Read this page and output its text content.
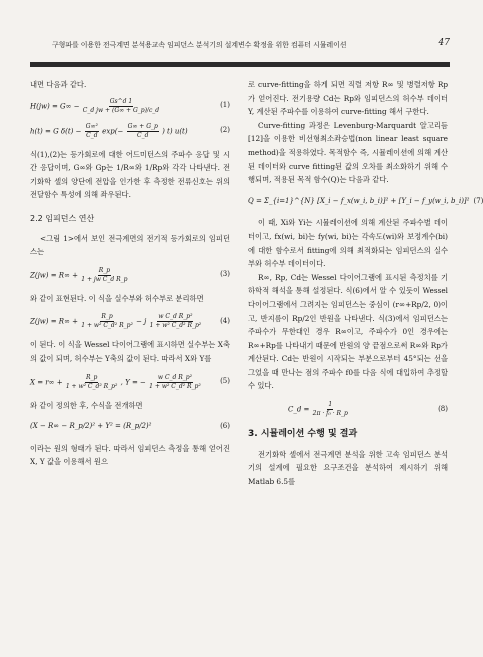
구형파를 이용한 전극계면 분석용교속 임피던스 분석기의 설계변수 확정을 위한 컴퓨터 시뮬레이션	47

내면 다음과 같다.

$H(jw) = G\infty - \frac{Gs\^{}d 1}{\text{C\_d jw + (G∞ + G\_p)/c\_d}}$	(1)
h(t) = G $\delta(t) - \frac{\text{G∞²}}{C\_d} \exp(- \frac{G\infty + G\_p}{C\_d}$ ) t) u(t)	(2)

식(1),(2)는 등가회로에 대한 어드미턴스의 주파수 응답 및 시간 응답이며, G∞와 Gp는 1/R∞와 1/Rp와 각각 나타낸다. 전기화학 셀의 양단에 전압을 인가한 후 측정한 전류신호는 위의 전달함수 특성에 의해 좌우된다.

2.2 임피던스 연산

<그림 1>에서 보인 전극계면의 전기적 등가회로의 임피던스는

$Z(jw) = R\infty + \frac{R\_p}{\text{1 + jw C\_d R\_p}}$	(3)

와 같이 표현된다. 이 식을 실수부와 허수부로 분리하면

$Z(jw) = R\infty + \frac{R\_p}{\text{1 + w² C\_d² R\_p²}} - j \frac{\text{w C\_d R\_p²}}{\text{1 + w² C\_d² R\_p²}}$	(4)

이 된다. 이 식을 Wessel 다이어그램에 표시하면 실수부는 X축의 값이 되며, 허수부는 Y축의 값이 된다. 따라서 X와 Y를

$X = r\infty + \frac{R\_p}{\text{1 + w² C\_d² R\_p²}}$ , Y = − $\frac{\text{w C\_d R\_p²}}{\text{1 + w² C\_d² R\_p²}}$	(5)

와 같이 정의한 후, 수식을 전개하면

(X − R∞ − R_p/2)² + Y² = (R_p/2)²	(6)

이라는 원의 형태가 된다. 따라서 임피던스 측정을 통해 얻어진 X, Y 값을 이용해서 원으

로 curve-fitting을 하게 되면 직렬 저항 R∞ 및 병렬저항 Rp가 얻어진다. 전기용량 Cd는 Rp와 임피던스의 허수부 데이터 Y, 계산된 주파수를 이용하여 curve-fitting 해서 구한다.

Curve-fitting 과정은 Levenburg-Marquardt 알고리듬[12]을 이용한 비선형최소좌승법(non linear least square method)을 적용하였다. 목적함수 즉, 시뮬레이션에 의해 계산된 데이터와 curve fitting된 값의 오차를 최소화하기 위해 수행되며, 적용된 목적 함수(Q)는 다음과 같다.

Q = Σ_{i=1}^{N} [X_i − f_x(w_i, b_i)]² + [Y_i − f_y(w_i, b_i)]² (7)

이 때, Xi와 Yi는 시뮬레이션에 의해 계산된 주파수별 데이터이고, fx(wi, bi)는 fy(wi, bi)는 각속도(wi)와 보정계수(bi)에 대한 함수로서 fitting에 의해 최적화되는 임피던스의 실수부와 허수부 데이터이다.

R∞, Rp, Cd는 Wessel 다이어그램에 표시된 측정치를 기하학적 해석을 통해 설정된다. 식(6)에서 알 수 있듯이 Wessel 다이어그램에서 그려지는 임피던스는 중심이 (r∞+Rp/2, 0)이고, 반지름이 Rp/2인 반원을 나타낸다. 식(3)에서 임피던스는 주파수가 무한대인 경우 R∞이고, 주파수가 0인 경우에는 R∞+Rp를 나타내기 때문에 반원의 양 끝점으로써 R∞와 Rp가 계산된다. Cd는 반원이 시작되는 부분으로부터 45°되는 선을 그었을 때 만나는 점의 주파수 f0를 다음 식에 대입하여 추정할 수 있다.

C_d = $\frac{1}{\text{2π · f₀ · R\_p}}$	(8)

3. 시뮬레이션 수행 및 결과

전기화학 셀에서 전극계면 분석을 위한 고속 임피던스 분석기의 설계에 필요한 요구조건을 분석하여 제시하기 위해 Matlab 6.5를
